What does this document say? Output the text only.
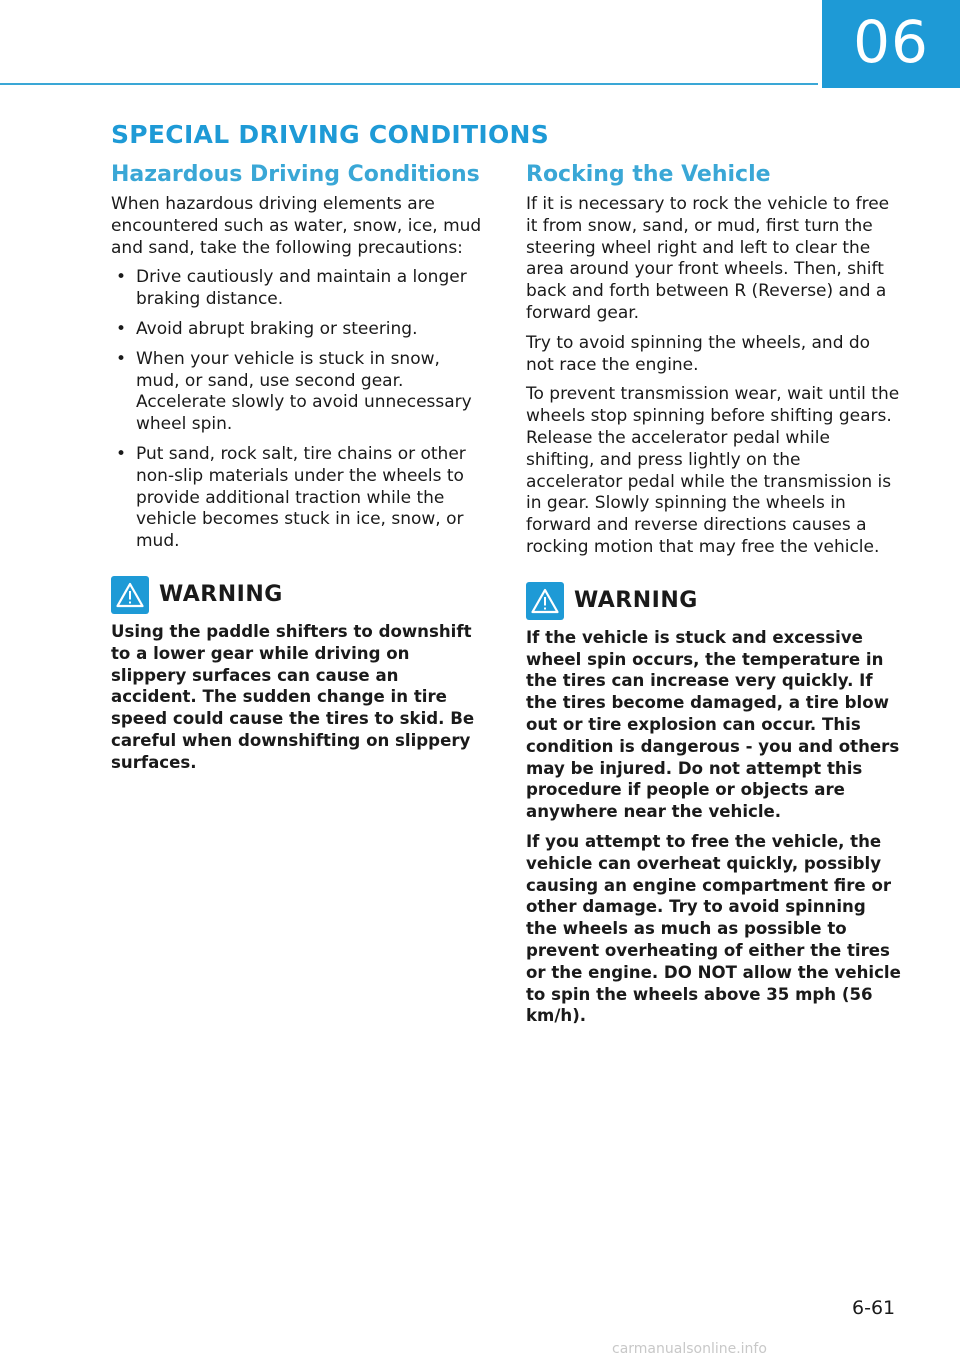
06
SPECIAL DRIVING CONDITIONS
Hazardous Driving Conditions

When hazardous driving elements are encountered such as water, snow, ice, mud and sand, take the following precautions:

• Drive cautiously and maintain a longer braking distance.
• Avoid abrupt braking or steering.
• When your vehicle is stuck in snow, mud, or sand, use second gear. Accelerate slowly to avoid unnecessary wheel spin.
• Put sand, rock salt, tire chains or other non-slip materials under the wheels to provide additional traction while the vehicle becomes stuck in ice, snow, or mud.
WARNING

Using the paddle shifters to downshift to a lower gear while driving on slippery surfaces can cause an accident. The sudden change in tire speed could cause the tires to skid. Be careful when downshifting on slippery surfaces.

Rocking the Vehicle

If it is necessary to rock the vehicle to free it from snow, sand, or mud, first turn the steering wheel right and left to clear the area around your front wheels. Then, shift back and forth between R (Reverse) and a forward gear.

Try to avoid spinning the wheels, and do not race the engine.

To prevent transmission wear, wait until the wheels stop spinning before shifting gears. Release the accelerator pedal while shifting, and press lightly on the accelerator pedal while the transmission is in gear. Slowly spinning the wheels in forward and reverse directions causes a rocking motion that may free the vehicle.

WARNING

If the vehicle is stuck and excessive wheel spin occurs, the temperature in the tires can increase very quickly. If the tires become damaged, a tire blow out or tire explosion can occur. This condition is dangerous - you and others may be injured. Do not attempt this procedure if people or objects are anywhere near the vehicle.

If you attempt to free the vehicle, the vehicle can overheat quickly, possibly causing an engine compartment fire or other damage. Try to avoid spinning the wheels as much as possible to prevent overheating of either the tires or the engine. DO NOT allow the vehicle to spin the wheels above 35 mph (56 km/h).

6-61
carmanualsonline.info
